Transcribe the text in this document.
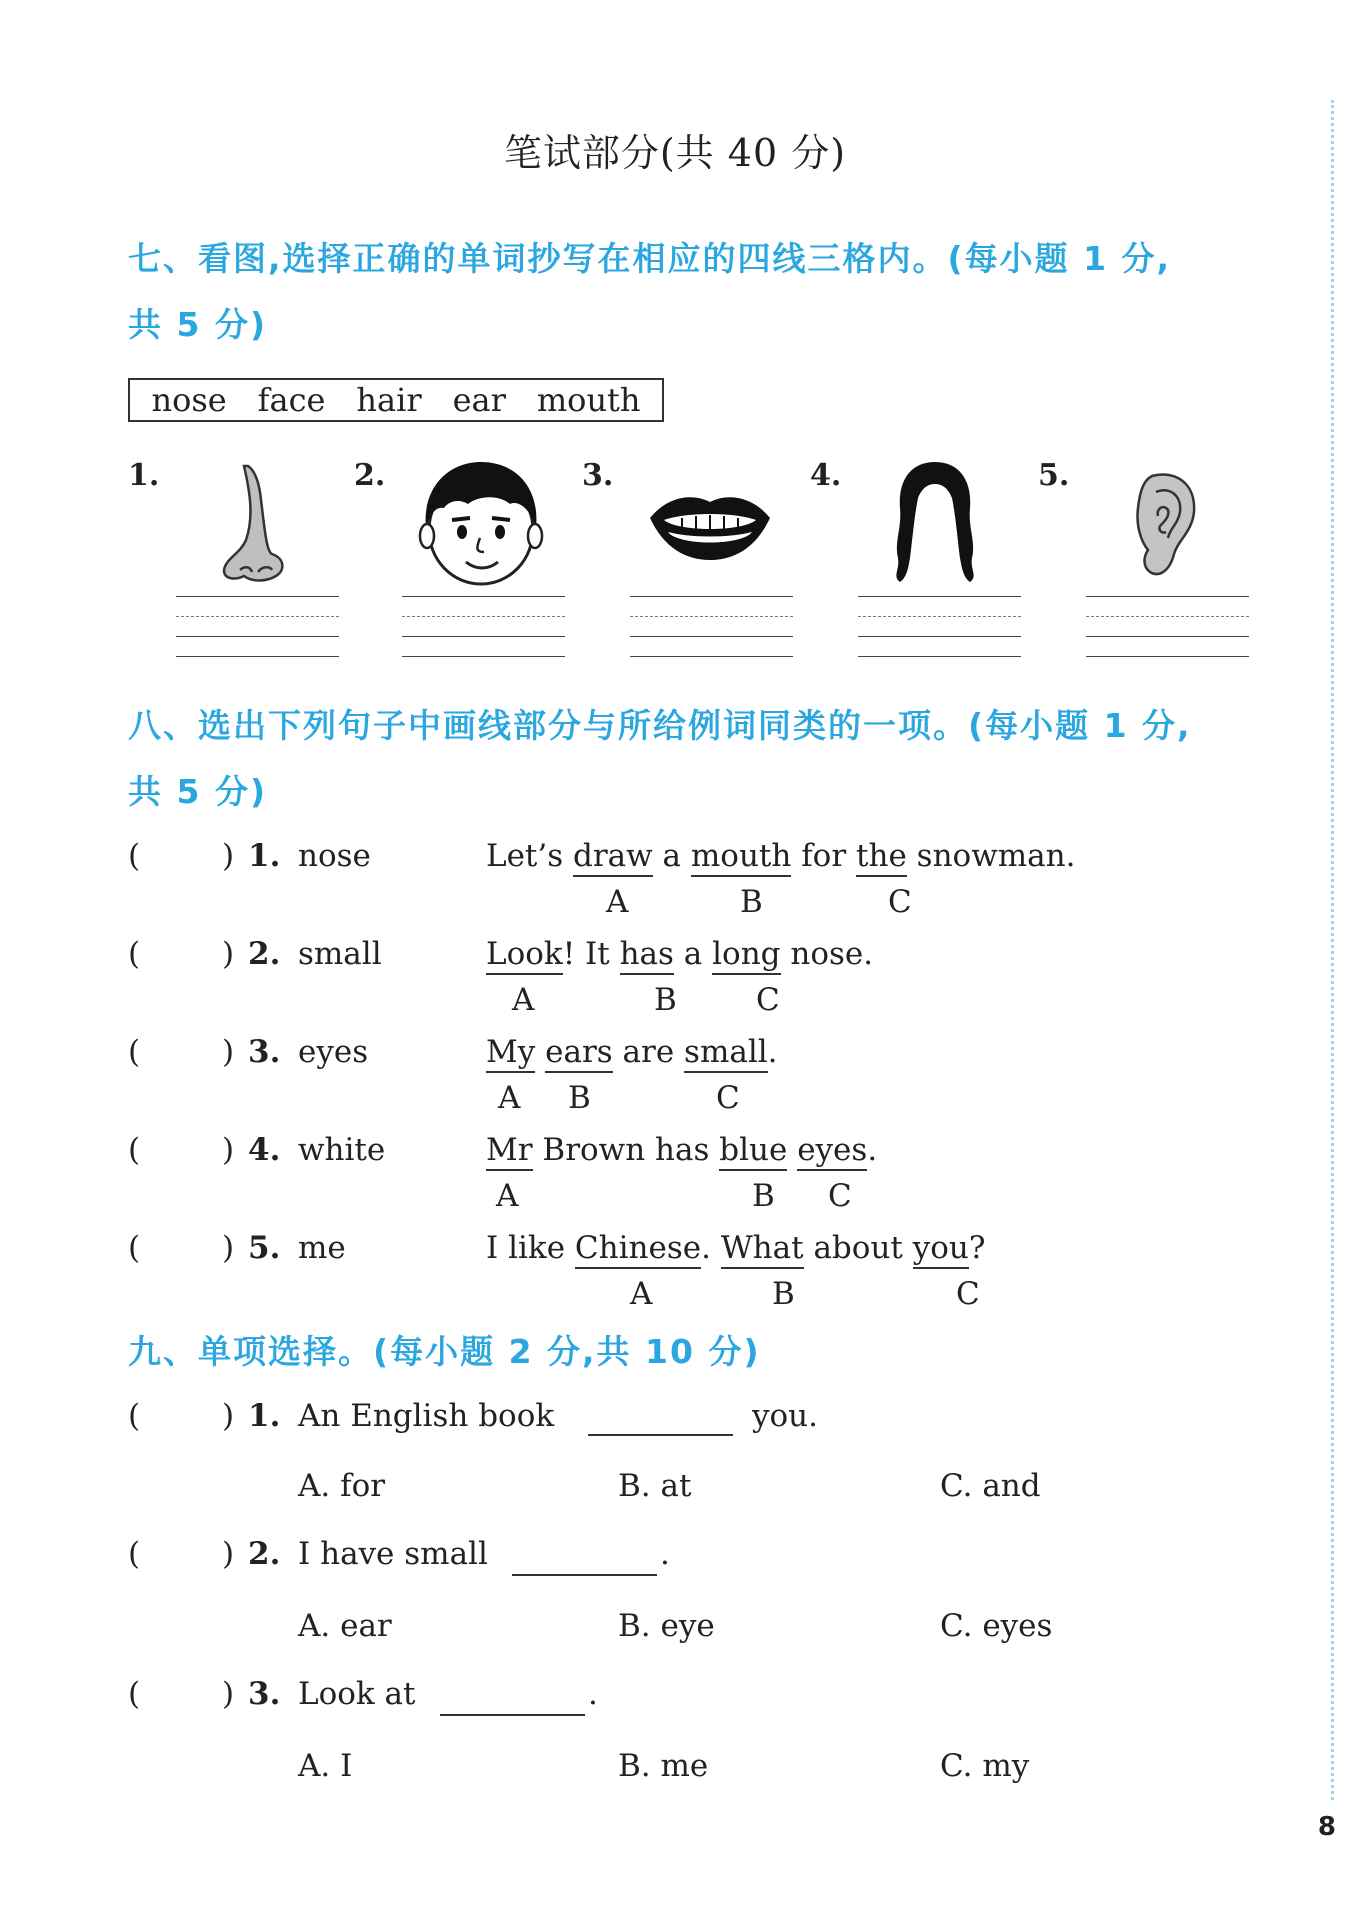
笔试部分(共 40 分)
七、看图,选择正确的单词抄写在相应的四线三格内。(每小题 1 分,
共 5 分)
nose face hair ear mouth
1.	2.	3.	4.	5.
八、选出下列句子中画线部分与所给例词同类的一项。(每小题 1 分,
共 5 分)
(	) 1. nose	Let’s draw a mouth for the snowman.
A	B	C
(	) 2. small	Look! It has a long nose.
A	B	C
(	) 3. eyes	My ears are small.
A B	C
(	) 4. white	Mr Brown has blue eyes.
A	B C
(	) 5. me	I like Chinese. What about you?
A	B	C
九、单项选择。(每小题 2 分,共 10 分)
(	) 1. An English book	you.
A. for	B. at	C. and
(	) 2. I have small	.
A. ear	B. eye	C. eyes
(	) 3. Look at	.
A. I	B. me	C. my
8
